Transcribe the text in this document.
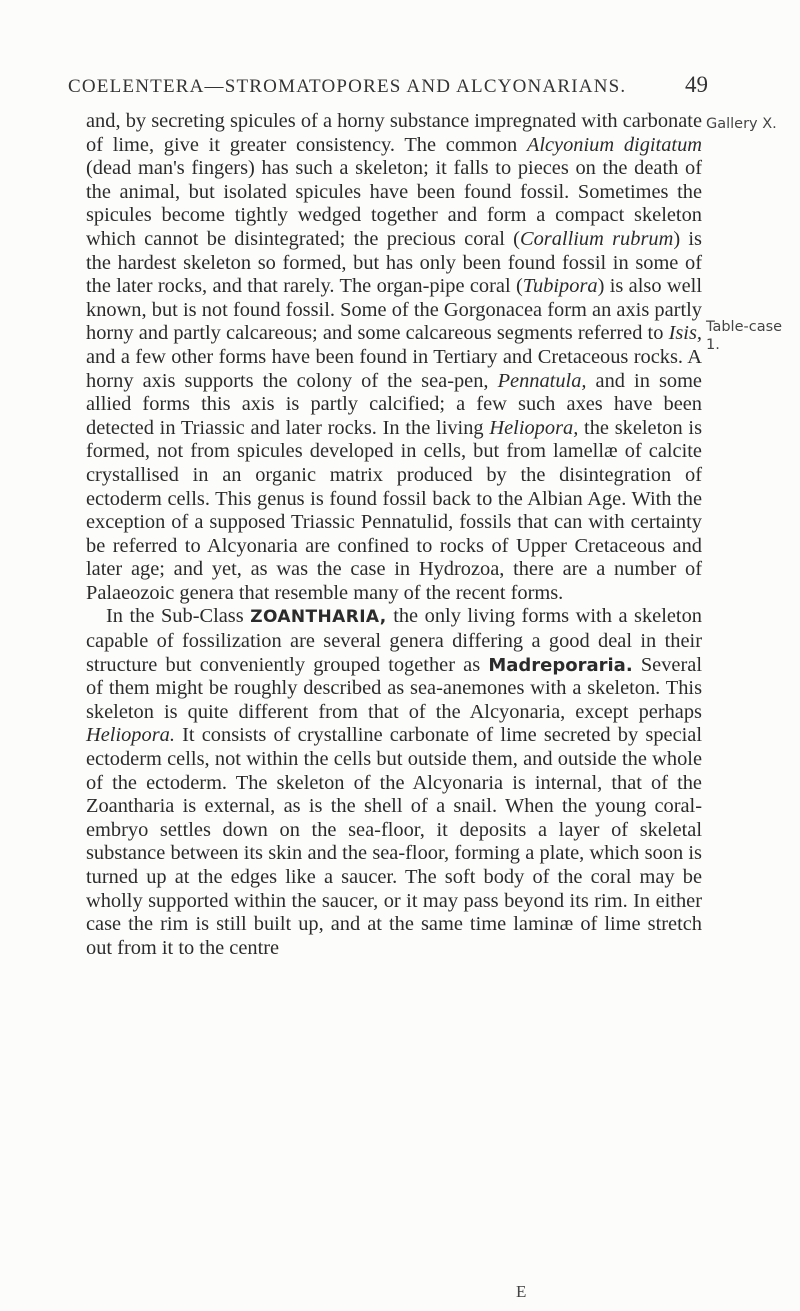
COELENTERA—STROMATOPORES AND ALCYONARIANS.	49
Gallery X.
Table-case 1.

and, by secreting spicules of a horny substance impregnated with carbonate of lime, give it greater consistency. The common Alcyonium digitatum (dead man's fingers) has such a skeleton; it falls to pieces on the death of the animal, but isolated spicules have been found fossil. Sometimes the spicules become tightly wedged together and form a compact skeleton which cannot be disintegrated; the precious coral (Corallium rubrum) is the hardest skeleton so formed, but has only been found fossil in some of the later rocks, and that rarely. The organ-pipe coral (Tubipora) is also well known, but is not found fossil. Some of the Gorgonacea form an axis partly horny and partly calcareous; and some calcareous segments referred to Isis, and a few other forms have been found in Tertiary and Cretaceous rocks. A horny axis supports the colony of the sea-pen, Pennatula, and in some allied forms this axis is partly calcified; a few such axes have been detected in Triassic and later rocks. In the living Heliopora, the skeleton is formed, not from spicules developed in cells, but from lamellæ of calcite crystallised in an organic matrix produced by the disintegration of ectoderm cells. This genus is found fossil back to the Albian Age. With the exception of a supposed Triassic Pennatulid, fossils that can with certainty be referred to Alcyonaria are confined to rocks of Upper Cretaceous and later age; and yet, as was the case in Hydrozoa, there are a number of Palaeozoic genera that resemble many of the recent forms.

In the Sub-Class ZOANTHARIA, the only living forms with a skeleton capable of fossilization are several genera differing a good deal in their structure but conveniently grouped together as Madreporaria. Several of them might be roughly described as sea-anemones with a skeleton. This skeleton is quite different from that of the Alcyonaria, except perhaps Heliopora. It consists of crystalline carbonate of lime secreted by special ectoderm cells, not within the cells but outside them, and outside the whole of the ectoderm. The skeleton of the Alcyonaria is internal, that of the Zoantharia is external, as is the shell of a snail. When the young coral-embryo settles down on the sea-floor, it deposits a layer of skeletal substance between its skin and the sea-floor, forming a plate, which soon is turned up at the edges like a saucer. The soft body of the coral may be wholly supported within the saucer, or it may pass beyond its rim. In either case the rim is still built up, and at the same time laminæ of lime stretch out from it to the centre

E
